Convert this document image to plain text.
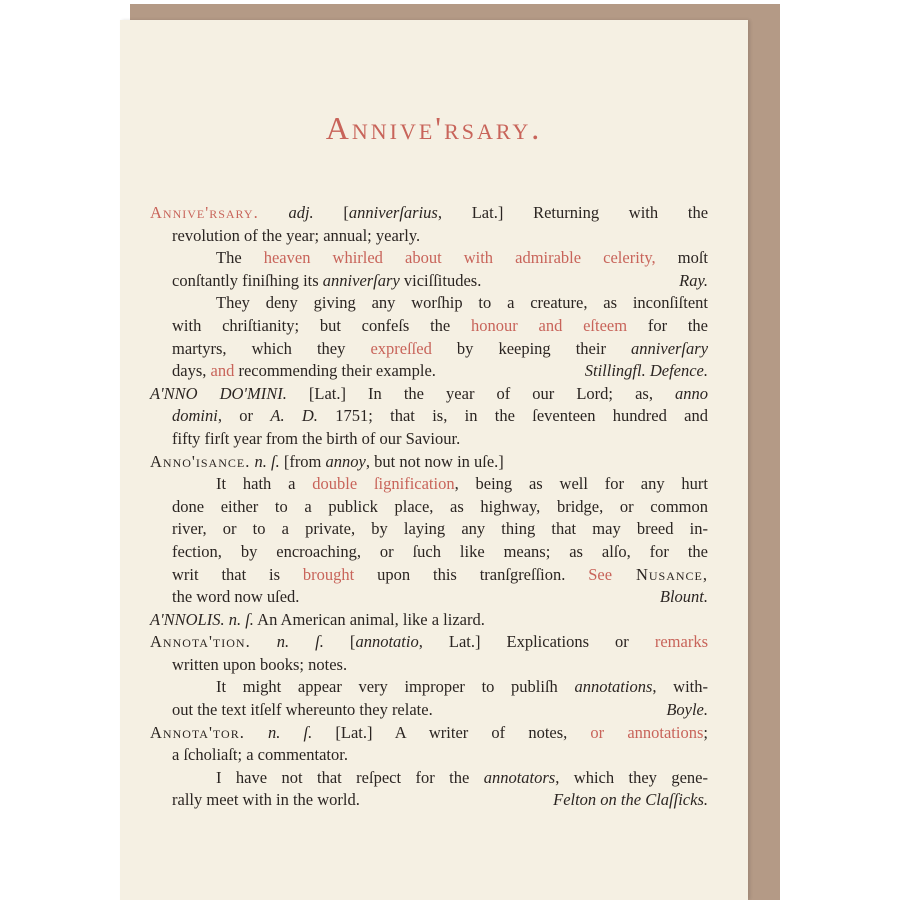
Annive'rsary.

Annive'rsary. adj. [anniverſarius, Lat.] Returning with the

revolution of the year; annual; yearly.

The heaven whirled about with admirable celerity, moſt

conſtantly finiſhing its anniverſary viciſſitudes.	Ray.

They deny giving any worſhip to a creature, as inconſiſtent

with chriſtianity; but confeſs the honour and eſteem for the

martyrs, which they expreſſed by keeping their anniverſary

days, and recommending their example.	Stillingfl. Defence.

A'NNO DO'MINI. [Lat.] In the year of our Lord; as, anno

domini, or A. D. 1751; that is, in the ſeventeen hundred and

fifty firſt year from the birth of our Saviour.

Anno'isance. n. ſ. [from annoy, but not now in uſe.]

It hath a double ſignification, being as well for any hurt

done either to a publick place, as highway, bridge, or common

river, or to a private, by laying any thing that may breed in-

fection, by encroaching, or ſuch like means; as alſo, for the

writ that is brought upon this tranſgreſſion. See Nusance,

the word now uſed.	Blount.

A'NNOLIS. n. ſ. An American animal, like a lizard.

Annota'tion. n. ſ. [annotatio, Lat.] Explications or remarks

written upon books; notes.

It might appear very improper to publiſh annotations, with-

out the text itſelf whereunto they relate.	Boyle.

Annota'tor. n. ſ. [Lat.] A writer of notes, or annotations;

a ſcholiaſt; a commentator.

I have not that reſpect for the annotators, which they gene-

rally meet with in the world.	Felton on the Claſſicks.
